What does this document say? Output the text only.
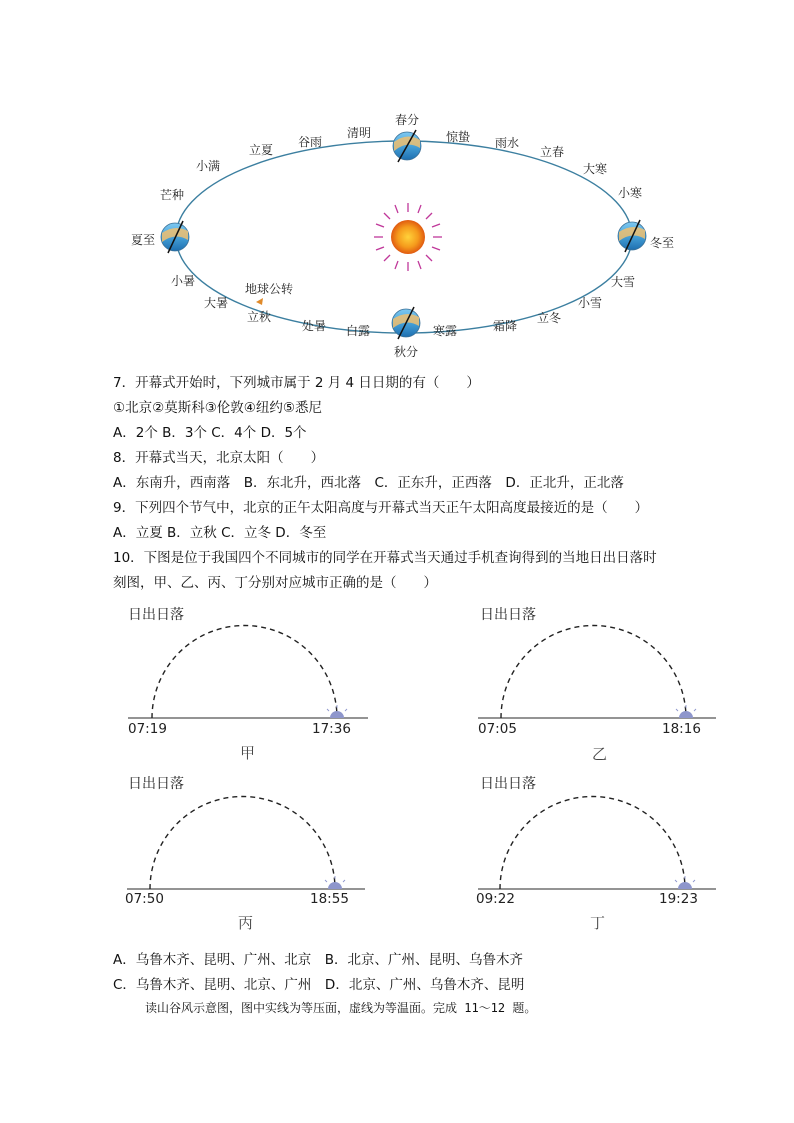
春分
惊蛰 雨水
立春
大寒
小寒
冬至
大雪
小雪
立冬
霜降
寒露
秋分
白露
处暑
立秋
大暑
小暑
夏至
芒种
小满
立夏
谷雨
清明
地球公转
7．开幕式开始时，下列城市属于 2 月 4 日日期的有（　　）
①北京②莫斯科③伦敦④纽约⑤悉尼
A．2个 B．3个 C．4个 D．5个
8．开幕式当天，北京太阳（　　）
A．东南升，西南落　B．东北升，西北落　C．正东升，正西落　D．正北升，正北落
9．下列四个节气中，北京的正午太阳高度与开幕式当天正午太阳高度最接近的是（　　）
A．立夏 B．立秋 C．立冬 D．冬至
10．下图是位于我国四个不同城市的同学在开幕式当天通过手机查询得到的当地日出日落时
刻图，甲、乙、丙、丁分别对应城市正确的是（　　）
日出日落
07:19	17:36
甲
日出日落
07:05	18:16
乙
日出日落
07:50	18:55
丙
日出日落
09:22	19:23
丁
A．乌鲁木齐、昆明、广州、北京　B．北京、广州、昆明、乌鲁木齐
C．乌鲁木齐、昆明、北京、广州　D．北京、广州、乌鲁木齐、昆明
读山谷风示意图，图中实线为等压面，虚线为等温面。完成 11～12 题。
